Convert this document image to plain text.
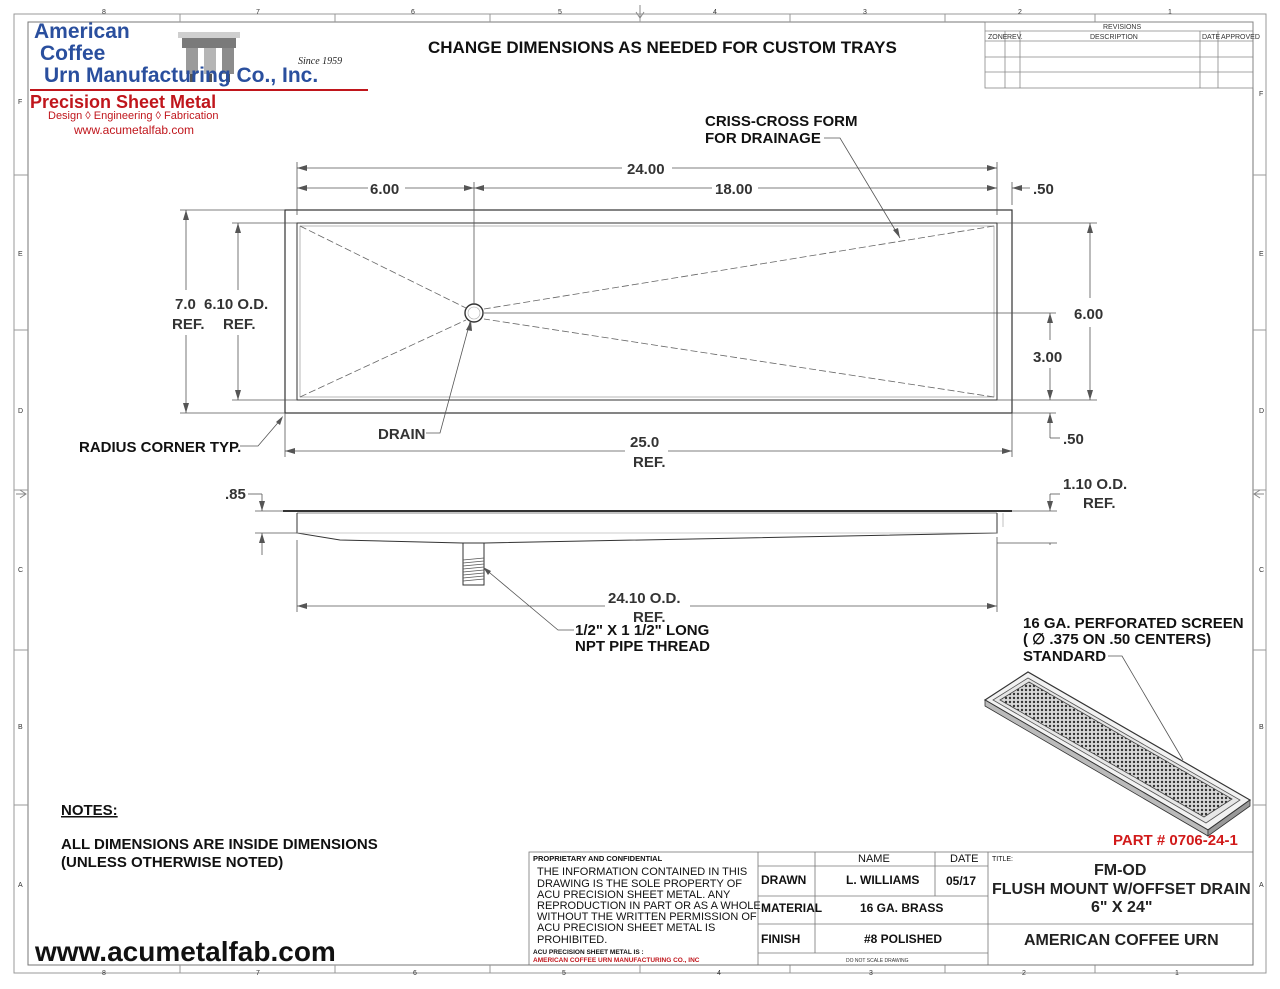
8	7	6	5	4	3	2	1
8	7	6	5	4	3	2	1
F
E
D
C
B
A
F
E
D
C
B
A
REVISIONS
ZONE REV.	DESCRIPTION	DATE APPROVED
CHANGE DIMENSIONS AS NEEDED FOR CUSTOM TRAYS
CRISS-CROSS FORM
FOR DRAINAGE
24.00
6.00	18.00	.50
7.0
REF.
6.10 O.D.
REF.
6.00
3.00
.50
RADIUS CORNER TYP.
DRAIN	25.0
REF.
.85
1.10 O.D.
REF.
24.10 O.D.
REF.
1/2" X 1 1/2" LONG
NPT PIPE THREAD
16 GA. PERFORATED SCREEN
( ∅ .375 ON .50 CENTERS)
STANDARD
PART # 0706-24-1
NOTES:
ALL DIMENSIONS ARE INSIDE DIMENSIONS
(UNLESS OTHERWISE NOTED)
www.acumetalfab.com
PROPRIETARY AND CONFIDENTIAL
THE INFORMATION CONTAINED IN THIS
DRAWING IS THE SOLE PROPERTY OF
ACU PRECISION SHEET METAL. ANY
REPRODUCTION IN PART OR AS A WHOLE
WITHOUT THE WRITTEN PERMISSION OF
ACU PRECISION SHEET METAL IS
PROHIBITED.
ACU PRECISION SHEET METAL IS :
AMERICAN COFFEE URN MANUFACTURING CO., INC
NAME	DATE
DRAWN	L. WILLIAMS 05/17
MATERIAL	16 GA. BRASS
FINISH	#8 POLISHED
DO NOT SCALE DRAWING
TITLE:
FM-OD
FLUSH MOUNT W/OFFSET DRAIN
6" X 24"
AMERICAN COFFEE URN
American
Coffee
Urn Manufacturing Co., Inc.
Since 1959
Precision Sheet Metal
Design ◊ Engineering ◊ Fabrication
www.acumetalfab.com
